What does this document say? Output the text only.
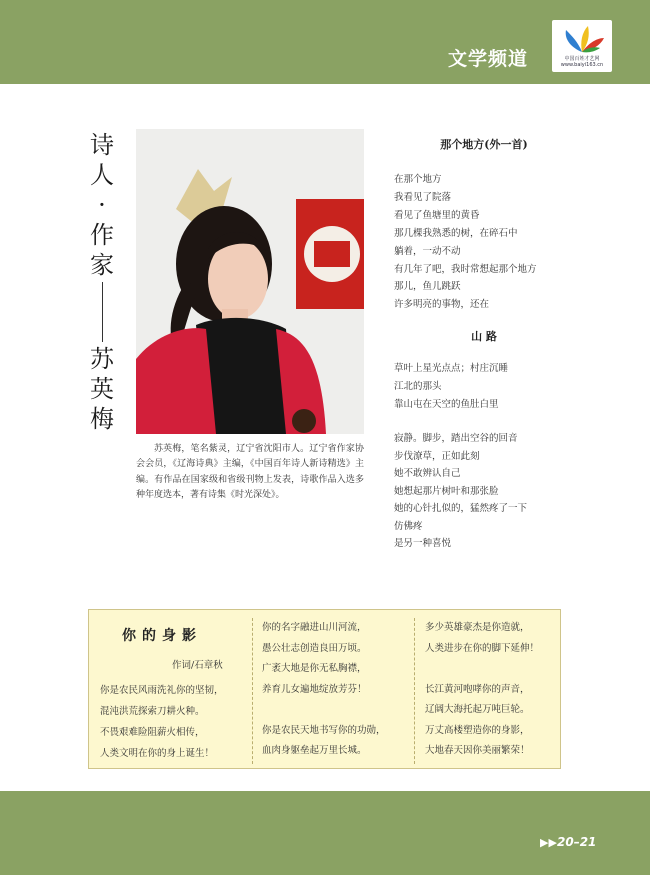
文学频道	中国百姓才艺网 www.baiyi163.cn
诗
人
·
作
家
苏
英
梅
苏英梅，笔名紫灵，辽宁省沈阳市人。辽宁省作家协会会员，《辽海诗典》主编，《中国百年诗人新诗精选》主编。有作品在国家级和省级刊物上发表，诗歌作品入选多种年度选本，著有诗集《时光深处》。
那个地方(外一首)
在那个地方
我看见了院落
看见了鱼塘里的黄昏
那几棵我熟悉的树，在碎石中
躺着，一动不动
有几年了吧，我时常想起那个地方
那儿，鱼儿跳跃
许多明亮的事物，还在
山 路
草叶上星光点点；村庄沉睡
江北的那头
靠山屯在天空的鱼肚白里
寂静。脚步，踏出空谷的回音
步伐潦草，正如此刻
她不敢辨认自己
她想起那片树叶和那张脸
她的心针扎似的，猛然疼了一下
仿佛疼
是另一种喜悦
你的身影
作词/石章秋
你是农民风雨洗礼你的坚韧，
混沌洪荒探索刀耕火种。
不畏艰难险阻薪火相传，
人类文明在你的身上诞生！
你的名字融进山川河流，
愚公壮志创造良田万顷。
广袤大地是你无私胸襟，
养育儿女遍地绽放芳芬！

你是农民天地书写你的功勋，
血肉身躯垒起万里长城。
多少英雄豪杰是你造就，
人类进步在你的脚下延伸！

长江黄河咆哮你的声音，
辽阔大海托起万吨巨轮。
万丈高楼塑造你的身影，
大地春天因你美丽繁荣！
▶▶ 20–21
